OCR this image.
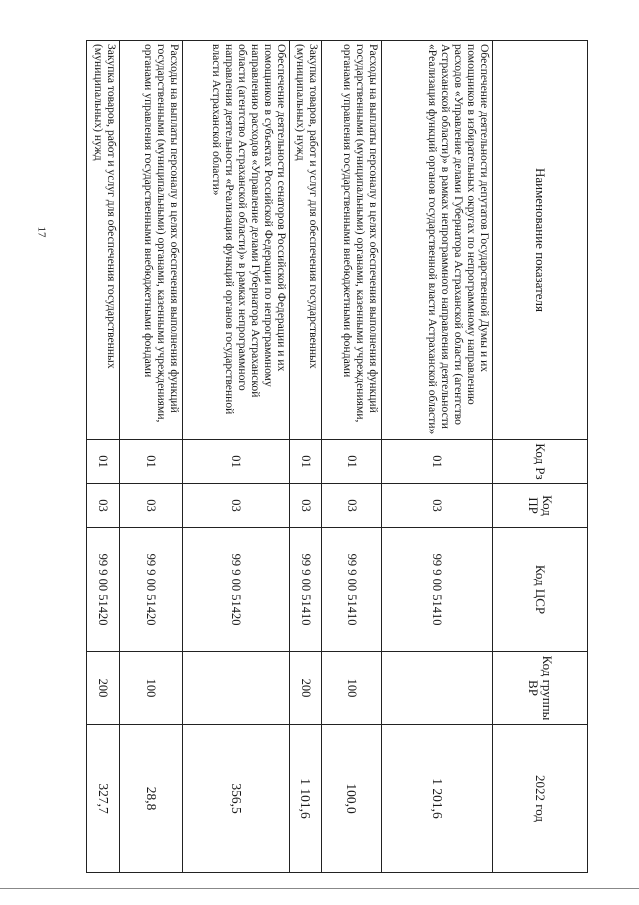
17	Наименование показателя	Код Рз	Код ПР	Код ЦСР	Код группы ВР	2022 год
Обеспечение деятельности депутатов Государственной Думы и их помощников в избирательных округах по непрограммному направлению расходов «Управление делами Губернатора Астраханской области (агентство Астраханской области)» в рамках непрограммного направления деятельности «Реализация функций органов государственной власти Астраханской области»	01	03	99 9 00 51410		1 201,6
Расходы на выплаты персоналу в целях обеспечения выполнения функций государственными (муниципальными) органами, казенными учреждениями, органами управления государственными внебюджетными фондами	01	03	99 9 00 51410	100	100,0
Закупка товаров, работ и услуг для обеспечения государственных (муниципальных) нужд	01	03	99 9 00 51410	200	1 101,6
Обеспечение деятельности сенаторов Российской Федерации и их помощников в субъектах Российской Федерации по непрограммному направлению расходов «Управление делами Губернатора Астраханской области (агентство Астраханской области)» в рамках непрограммного направления деятельности «Реализация функций органов государственной власти Астраханской области»	01	03	99 9 00 51420		356,5
Расходы на выплаты персоналу в целях обеспечения выполнения функций государственными (муниципальными) органами, казенными учреждениями, органами управления государственными внебюджетными фондами	01	03	99 9 00 51420	100	28,8
Закупка товаров, работ и услуг для обеспечения государственных (муниципальных) нужд	01	03	99 9 00 51420	200	327,7
